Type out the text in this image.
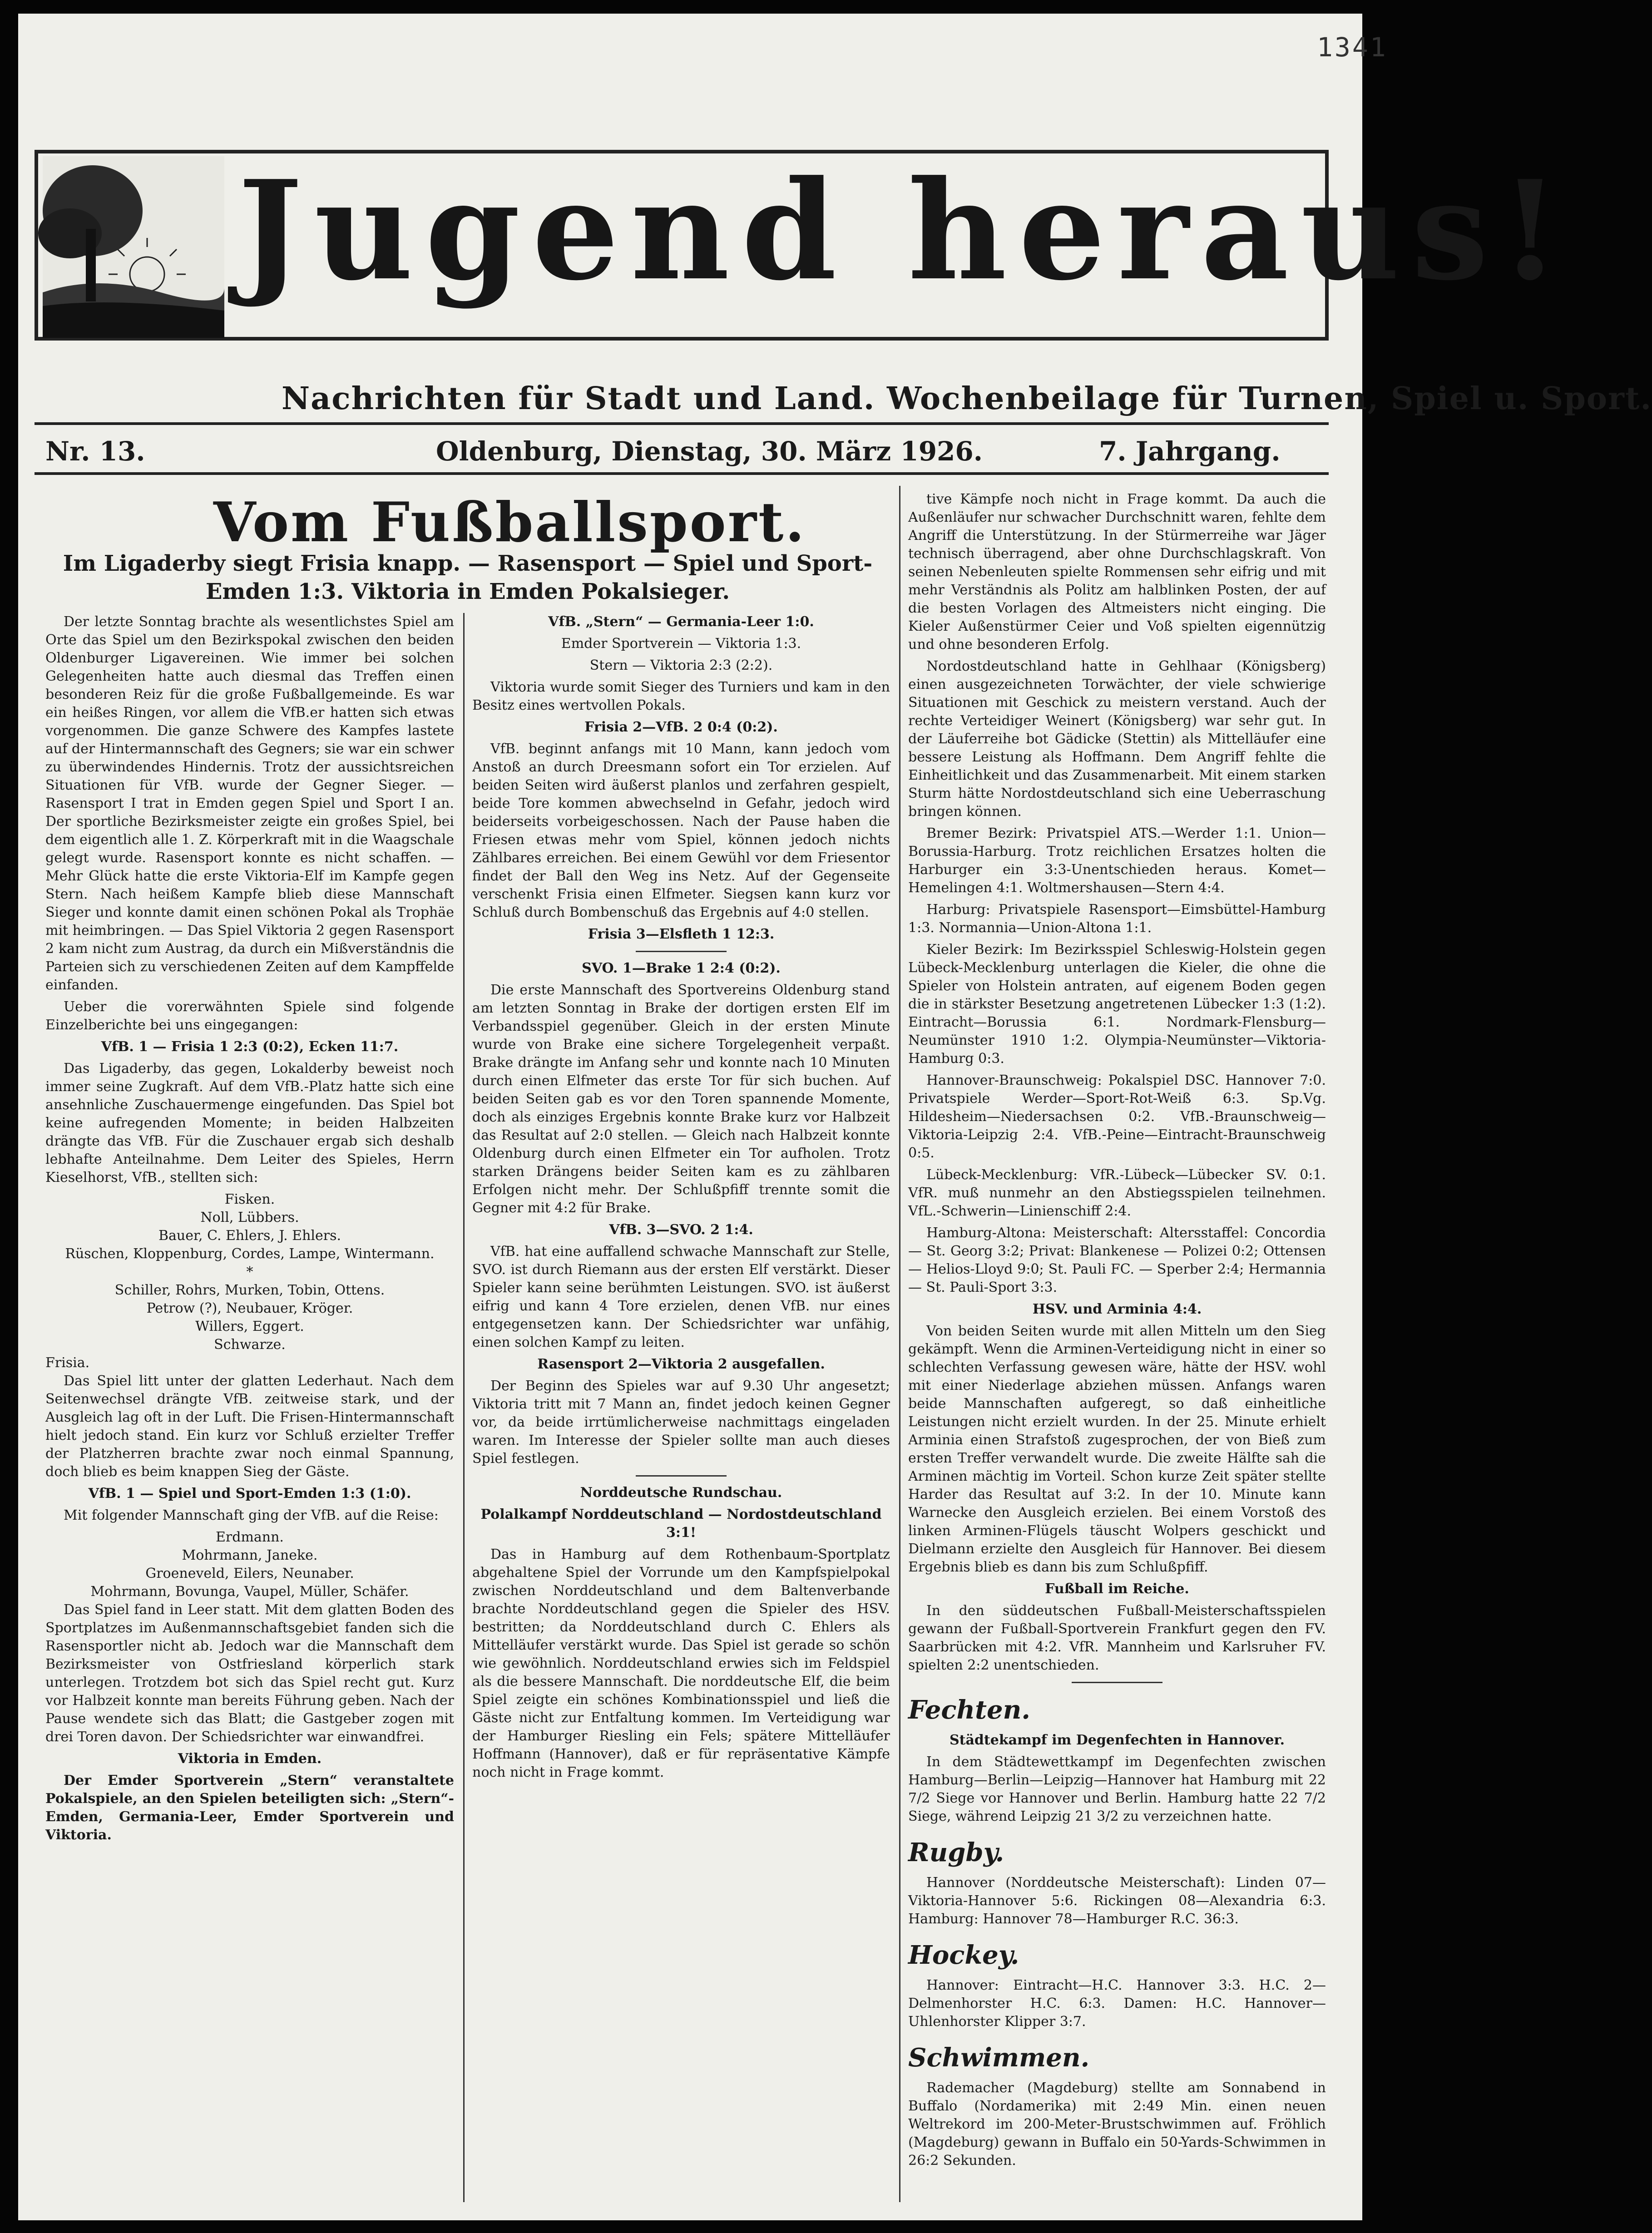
1341
Jugend heraus!
Nachrichten für Stadt und Land. Wochenbeilage für Turnen, Spiel u. Sport.
Nr. 13.	Oldenburg, Dienstag, 30. März 1926.	7. Jahrgang.
Vom Fußballsport.
Im Ligaderby siegt Frisia knapp. — Rasensport — Spiel und Sport-Emden 1:3. Viktoria in Emden Pokalsieger.

Der letzte Sonntag brachte als wesentlichstes Spiel am Orte das Spiel um den Bezirkspokal zwischen den beiden Oldenburger Ligavereinen. Wie immer bei solchen Gelegenheiten hatte auch diesmal das Treffen einen besonderen Reiz für die große Fußballgemeinde. Es war ein heißes Ringen, vor allem die VfB.er hatten sich etwas vorgenommen. Die ganze Schwere des Kampfes lastete auf der Hintermannschaft des Gegners; sie war ein schwer zu überwindendes Hindernis. Trotz der aussichtsreichen Situationen für VfB. wurde der Gegner Sieger. — Rasensport I trat in Emden gegen Spiel und Sport I an. Der sportliche Bezirksmeister zeigte ein großes Spiel, bei dem eigentlich alle 1. Z. Körperkraft mit in die Waagschale gelegt wurde. Rasensport konnte es nicht schaffen. — Mehr Glück hatte die erste Viktoria-Elf im Kampfe gegen Stern. Nach heißem Kampfe blieb diese Mannschaft Sieger und konnte damit einen schönen Pokal als Trophäe mit heimbringen. — Das Spiel Viktoria 2 gegen Rasensport 2 kam nicht zum Austrag, da durch ein Mißverständnis die Parteien sich zu verschiedenen Zeiten auf dem Kampffelde einfanden.

Ueber die vorerwähnten Spiele sind folgende Einzelberichte bei uns eingegangen:

VfB. 1 — Frisia 1 2:3 (0:2), Ecken 11:7.

Das Ligaderby, das gegen, Lokalderby beweist noch immer seine Zugkraft. Auf dem VfB.-Platz hatte sich eine ansehnliche Zuschauermenge eingefunden. Das Spiel bot keine aufregenden Momente; in beiden Halbzeiten drängte das VfB. Für die Zuschauer ergab sich deshalb lebhafte Anteilnahme. Dem Leiter des Spieles, Herrn Kieselhorst, VfB., stellten sich:

Fisken.
Noll, Lübbers.
Bauer, C. Ehlers, J. Ehlers.
Rüschen, Kloppenburg, Cordes, Lampe, Wintermann.
*
Schiller, Rohrs, Murken, Tobin, Ottens.
Petrow (?), Neubauer, Kröger.
Willers, Eggert.
Schwarze.
Frisia.

Das Spiel litt unter der glatten Lederhaut. Nach dem Seitenwechsel drängte VfB. zeitweise stark, und der Ausgleich lag oft in der Luft. Die Frisen-Hintermannschaft hielt jedoch stand. Ein kurz vor Schluß erzielter Treffer der Platzherren brachte zwar noch einmal Spannung, doch blieb es beim knappen Sieg der Gäste.

VfB. 1 — Spiel und Sport-Emden 1:3 (1:0).

Mit folgender Mannschaft ging der VfB. auf die Reise:

Erdmann.
Mohrmann, Janeke.
Groeneveld, Eilers, Neunaber.
Mohrmann, Bovunga, Vaupel, Müller, Schäfer.

Das Spiel fand in Leer statt. Mit dem glatten Boden des Sportplatzes im Außenmannschaftsgebiet fanden sich die Rasensportler nicht ab. Jedoch war die Mannschaft dem Bezirksmeister von Ostfriesland körperlich stark unterlegen. Trotzdem bot sich das Spiel recht gut. Kurz vor Halbzeit konnte man bereits Führung geben. Nach der Pause wendete sich das Blatt; die Gastgeber zogen mit drei Toren davon. Der Schiedsrichter war einwandfrei.

Viktoria in Emden.

Der Emder Sportverein „Stern“ veranstaltete Pokalspiele, an den Spielen beteiligten sich: „Stern“-Emden, Germania-Leer, Emder Sportverein und Viktoria.

VfB. „Stern“ — Germania-Leer 1:0.

Emder Sportverein — Viktoria 1:3.

Stern — Viktoria 2:3 (2:2).

Viktoria wurde somit Sieger des Turniers und kam in den Besitz eines wertvollen Pokals.

Frisia 2—VfB. 2 0:4 (0:2).

VfB. beginnt anfangs mit 10 Mann, kann jedoch vom Anstoß an durch Dreesmann sofort ein Tor erzielen. Auf beiden Seiten wird äußerst planlos und zerfahren gespielt, beide Tore kommen abwechselnd in Gefahr, jedoch wird beiderseits vorbeigeschossen. Nach der Pause haben die Friesen etwas mehr vom Spiel, können jedoch nichts Zählbares erreichen. Bei einem Gewühl vor dem Friesentor findet der Ball den Weg ins Netz. Auf der Gegenseite verschenkt Frisia einen Elfmeter. Siegsen kann kurz vor Schluß durch Bombenschuß das Ergebnis auf 4:0 stellen.

Frisia 3—Elsfleth 1 12:3.

SVO. 1—Brake 1 2:4 (0:2).

Die erste Mannschaft des Sportvereins Oldenburg stand am letzten Sonntag in Brake der dortigen ersten Elf im Verbandsspiel gegenüber. Gleich in der ersten Minute wurde von Brake eine sichere Torgelegenheit verpaßt. Brake drängte im Anfang sehr und konnte nach 10 Minuten durch einen Elfmeter das erste Tor für sich buchen. Auf beiden Seiten gab es vor den Toren spannende Momente, doch als einziges Ergebnis konnte Brake kurz vor Halbzeit das Resultat auf 2:0 stellen. — Gleich nach Halbzeit konnte Oldenburg durch einen Elfmeter ein Tor aufholen. Trotz starken Drängens beider Seiten kam es zu zählbaren Erfolgen nicht mehr. Der Schlußpfiff trennte somit die Gegner mit 4:2 für Brake.

VfB. 3—SVO. 2 1:4.

VfB. hat eine auffallend schwache Mannschaft zur Stelle, SVO. ist durch Riemann aus der ersten Elf verstärkt. Dieser Spieler kann seine berühmten Leistungen. SVO. ist äußerst eifrig und kann 4 Tore erzielen, denen VfB. nur eines entgegensetzen kann. Der Schiedsrichter war unfähig, einen solchen Kampf zu leiten.

Rasensport 2—Viktoria 2 ausgefallen.

Der Beginn des Spieles war auf 9.30 Uhr angesetzt; Viktoria tritt mit 7 Mann an, findet jedoch keinen Gegner vor, da beide irrtümlicherweise nachmittags eingeladen waren. Im Interesse der Spieler sollte man auch dieses Spiel festlegen.

Norddeutsche Rundschau.

Polalkampf Norddeutschland — Nordostdeutschland 3:1!

Das in Hamburg auf dem Rothenbaum-Sportplatz abgehaltene Spiel der Vorrunde um den Kampfspielpokal zwischen Norddeutschland und dem Baltenverbande brachte Norddeutschland gegen die Spieler des HSV. bestritten; da Norddeutschland durch C. Ehlers als Mittelläufer verstärkt wurde. Das Spiel ist gerade so schön wie gewöhnlich. Norddeutschland erwies sich im Feldspiel als die bessere Mannschaft. Die norddeutsche Elf, die beim Spiel zeigte ein schönes Kombinationsspiel und ließ die Gäste nicht zur Entfaltung kommen. Im Verteidigung war der Hamburger Riesling ein Fels; spätere Mittelläufer Hoffmann (Hannover), daß er für repräsentative Kämpfe noch nicht in Frage kommt.

tive Kämpfe noch nicht in Frage kommt. Da auch die Außenläufer nur schwacher Durchschnitt waren, fehlte dem Angriff die Unterstützung. In der Stürmerreihe war Jäger technisch überragend, aber ohne Durchschlagskraft. Von seinen Nebenleuten spielte Rommensen sehr eifrig und mit mehr Verständnis als Politz am halblinken Posten, der auf die besten Vorlagen des Altmeisters nicht einging. Die Kieler Außenstürmer Ceier und Voß spielten eigennützig und ohne besonderen Erfolg.

Nordostdeutschland hatte in Gehlhaar (Königsberg) einen ausgezeichneten Torwächter, der viele schwierige Situationen mit Geschick zu meistern verstand. Auch der rechte Verteidiger Weinert (Königsberg) war sehr gut. In der Läuferreihe bot Gädicke (Stettin) als Mittelläufer eine bessere Leistung als Hoffmann. Dem Angriff fehlte die Einheitlichkeit und das Zusammenarbeit. Mit einem starken Sturm hätte Nordostdeutschland sich eine Ueberraschung bringen können.

Bremer Bezirk: Privatspiel ATS.—Werder 1:1. Union—Borussia-Harburg. Trotz reichlichen Ersatzes holten die Harburger ein 3:3-Unentschieden heraus. Komet—Hemelingen 4:1. Woltmershausen—Stern 4:4.

Harburg: Privatspiele Rasensport—Eimsbüttel-Hamburg 1:3. Normannia—Union-Altona 1:1.

Kieler Bezirk: Im Bezirksspiel Schleswig-Holstein gegen Lübeck-Mecklenburg unterlagen die Kieler, die ohne die Spieler von Holstein antraten, auf eigenem Boden gegen die in stärkster Besetzung angetretenen Lübecker 1:3 (1:2). Eintracht—Borussia 6:1. Nordmark-Flensburg—Neumünster 1910 1:2. Olympia-Neumünster—Viktoria-Hamburg 0:3.

Hannover-Braunschweig: Pokalspiel DSC. Hannover 7:0. Privatspiele Werder—Sport-Rot-Weiß 6:3. Sp.Vg. Hildesheim—Niedersachsen 0:2. VfB.-Braunschweig—Viktoria-Leipzig 2:4. VfB.-Peine—Eintracht-Braunschweig 0:5.

Lübeck-Mecklenburg: VfR.-Lübeck—Lübecker SV. 0:1. VfR. muß nunmehr an den Abstiegsspielen teilnehmen. VfL.-Schwerin—Linienschiff 2:4.

Hamburg-Altona: Meisterschaft: Altersstaffel: Concordia — St. Georg 3:2; Privat: Blankenese — Polizei 0:2; Ottensen — Helios-Lloyd 9:0; St. Pauli FC. — Sperber 2:4; Hermannia — St. Pauli-Sport 3:3.

HSV. und Arminia 4:4.

Von beiden Seiten wurde mit allen Mitteln um den Sieg gekämpft. Wenn die Arminen-Verteidigung nicht in einer so schlechten Verfassung gewesen wäre, hätte der HSV. wohl mit einer Niederlage abziehen müssen. Anfangs waren beide Mannschaften aufgeregt, so daß einheitliche Leistungen nicht erzielt wurden. In der 25. Minute erhielt Arminia einen Strafstoß zugesprochen, der von Bieß zum ersten Treffer verwandelt wurde. Die zweite Hälfte sah die Arminen mächtig im Vorteil. Schon kurze Zeit später stellte Harder das Resultat auf 3:2. In der 10. Minute kann Warnecke den Ausgleich erzielen. Bei einem Vorstoß des linken Arminen-Flügels täuscht Wolpers geschickt und Dielmann erzielte den Ausgleich für Hannover. Bei diesem Ergebnis blieb es dann bis zum Schlußpfiff.

Fußball im Reiche.

In den süddeutschen Fußball-Meisterschaftsspielen gewann der Fußball-Sportverein Frankfurt gegen den FV. Saarbrücken mit 4:2. VfR. Mannheim und Karlsruher FV. spielten 2:2 unentschieden.

Fechten.

Städtekampf im Degenfechten in Hannover.

In dem Städtewettkampf im Degenfechten zwischen Hamburg—Berlin—Leipzig—Hannover hat Hamburg mit 22 7/2 Siege vor Hannover und Berlin. Hamburg hatte 22 7/2 Siege, während Leipzig 21 3/2 zu verzeichnen hatte.

Rugby.

Hannover (Norddeutsche Meisterschaft): Linden 07—Viktoria-Hannover 5:6. Rickingen 08—Alexandria 6:3. Hamburg: Hannover 78—Hamburger R.C. 36:3.

Hockey.

Hannover: Eintracht—H.C. Hannover 3:3. H.C. 2—Delmenhorster H.C. 6:3. Damen: H.C. Hannover—Uhlenhorster Klipper 3:7.

Schwimmen.

Rademacher (Magdeburg) stellte am Sonnabend in Buffalo (Nordamerika) mit 2:49 Min. einen neuen Weltrekord im 200-Meter-Brustschwimmen auf. Fröhlich (Magdeburg) gewann in Buffalo ein 50-Yards-Schwimmen in 26:2 Sekunden.
